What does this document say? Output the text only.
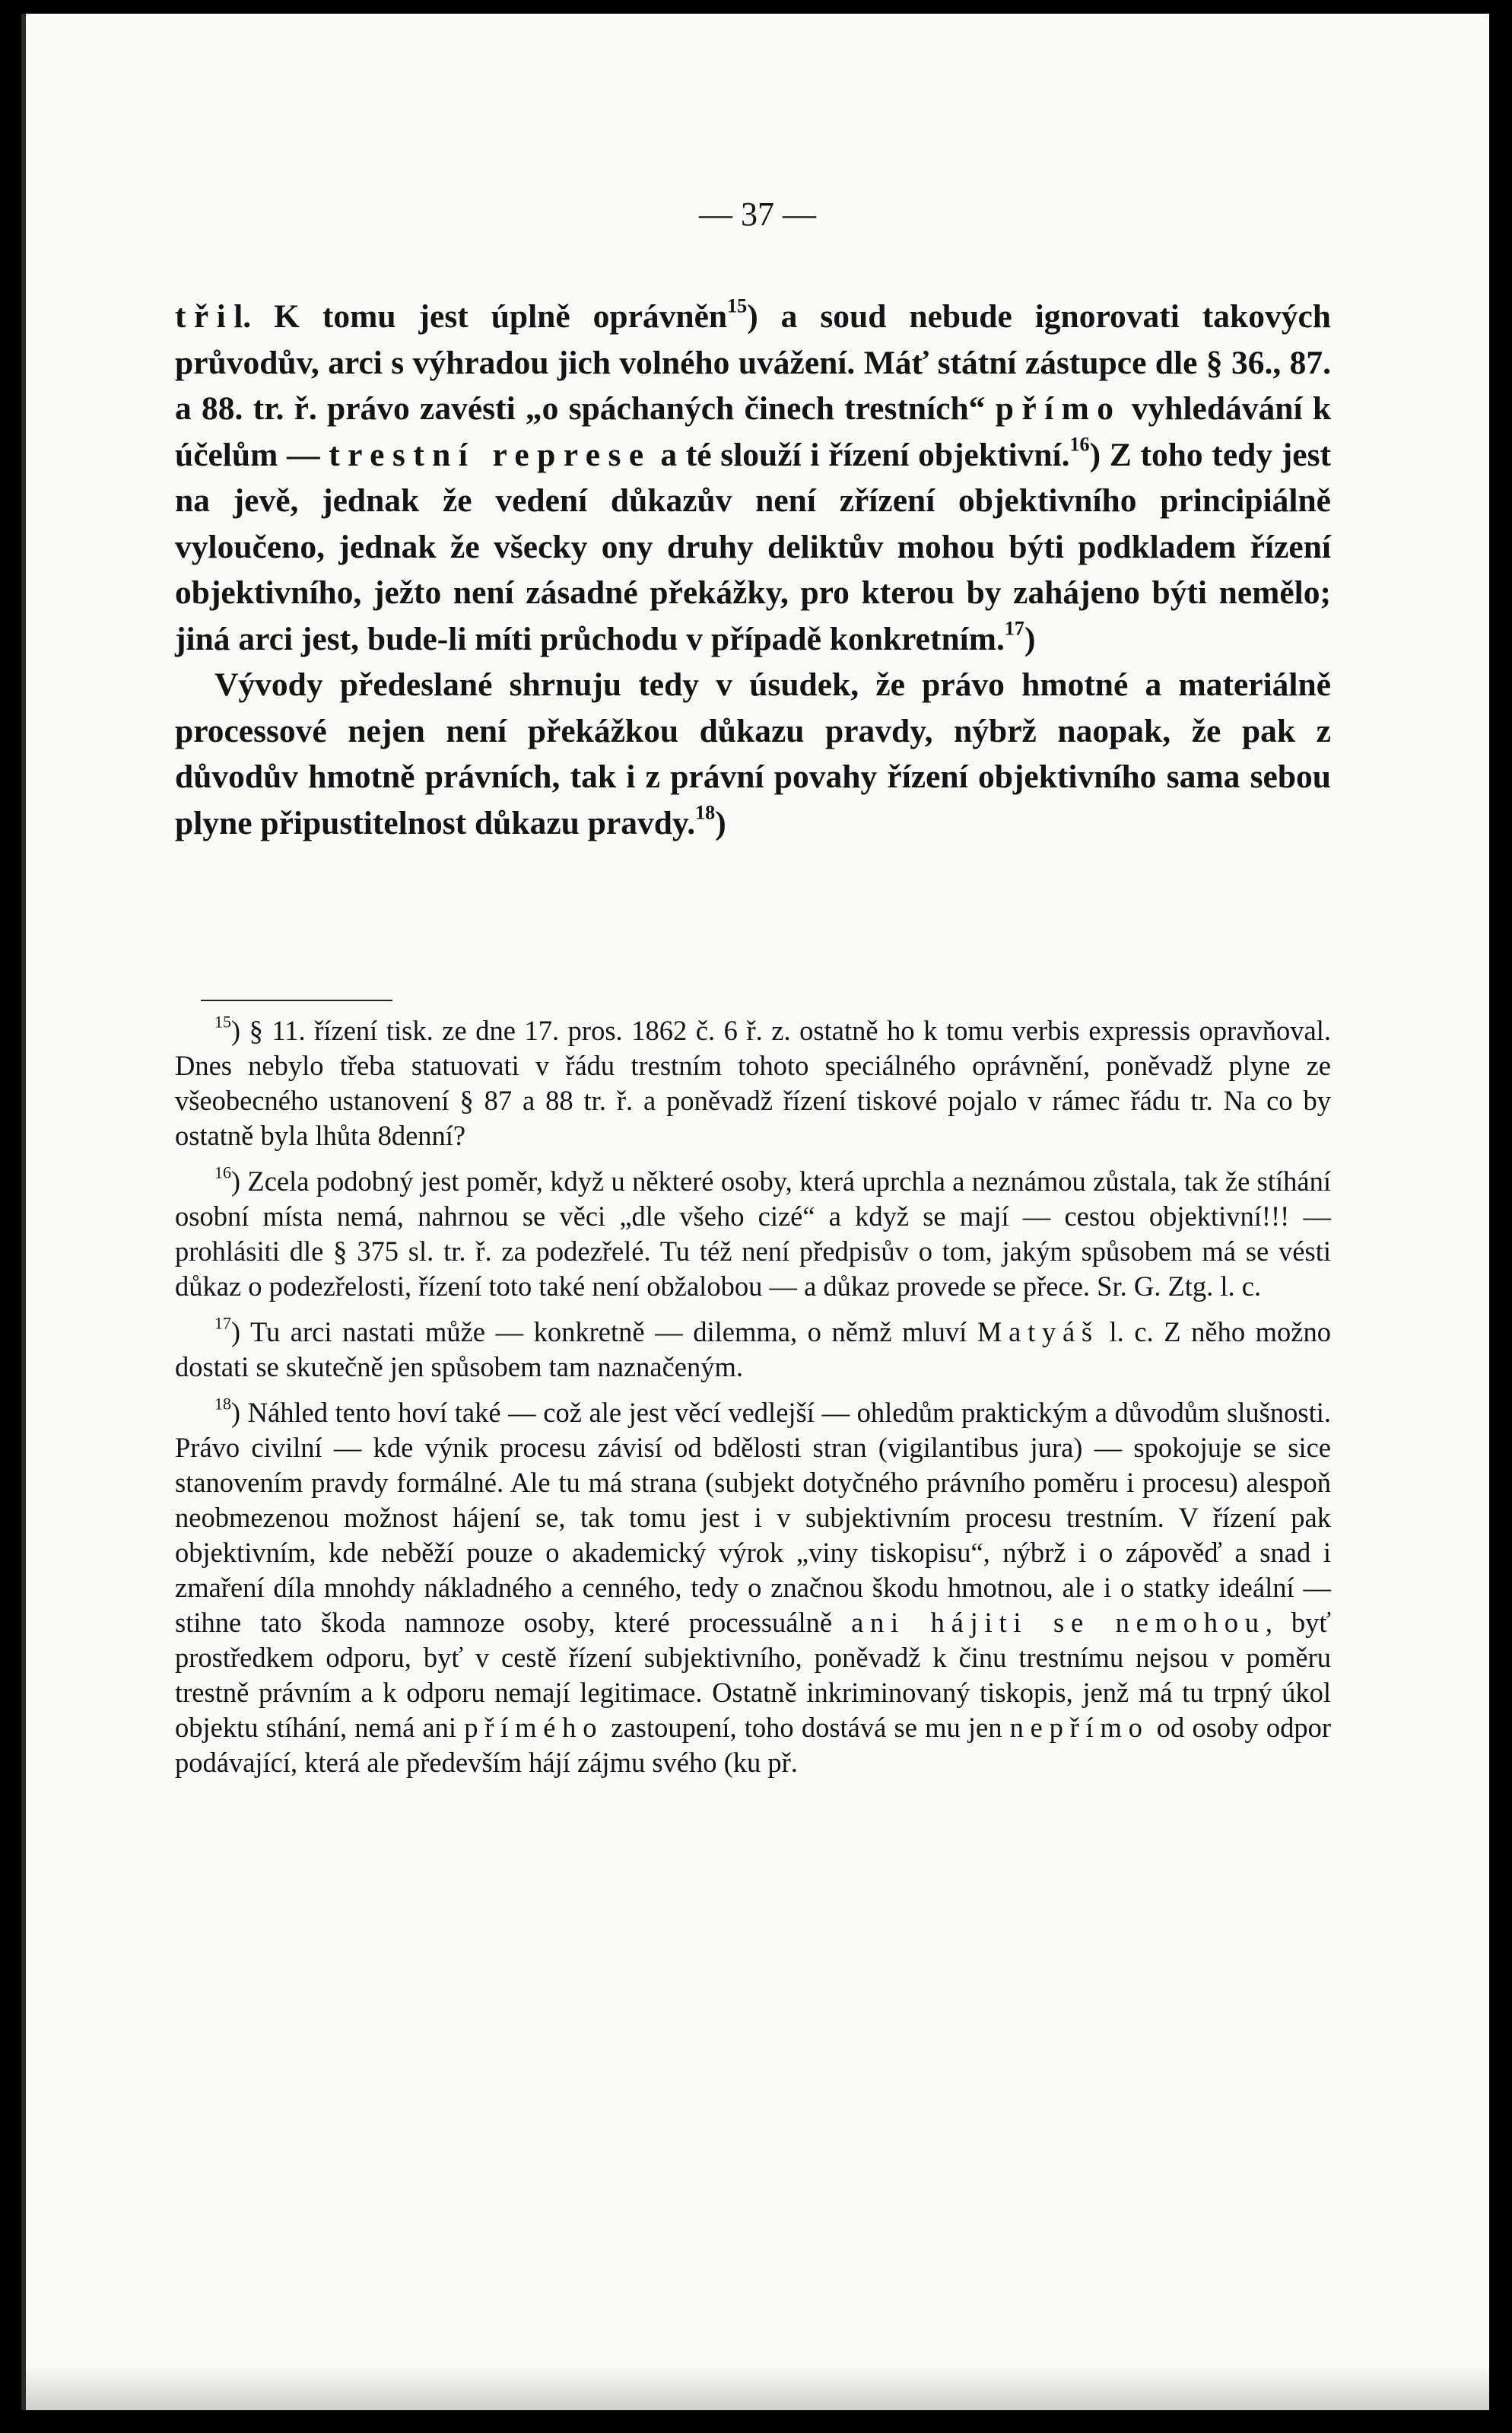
— 37 —

třil. K tomu jest úplně oprávněn$^{15}$) a soud nebude ignorovati takových průvodův, arci s výhradou jich volného uvážení. Máť státní zástupce dle § 36., 87. a 88. tr. ř. právo zavésti „o spáchaných činech trestních“ přímo vyhledávání k účelům — trestní represe a té slouží i řízení objektivní.$^{16}$) Z toho tedy jest na jevě, jednak že vedení důkazův není zřízení objektivního principiálně vyloučeno, jednak že všecky ony druhy deliktův mohou býti podkladem řízení objektivního, ježto není zásadné překážky, pro kterou by zahájeno býti nemělo; jiná arci jest, bude-li míti průchodu v případě konkretním.$^{17}$)

Vývody předeslané shrnuju tedy v úsudek, že právo hmotné a materiálně processové nejen není překážkou důkazu pravdy, nýbrž naopak, že pak z důvodův hmotně právních, tak i z právní povahy řízení objektivního sama sebou plyne připustitelnost důkazu pravdy.$^{18}$)

$^{15}$) § 11. řízení tisk. ze dne 17. pros. 1862 č. 6 ř. z. ostatně ho k tomu verbis expressis opravňoval. Dnes nebylo třeba statuovati v řádu trestním tohoto speciálného oprávnění, poněvadž plyne ze všeobecného ustanovení § 87 a 88 tr. ř. a poněvadž řízení tiskové pojalo v rámec řádu tr. Na co by ostatně byla lhůta 8denní?

$^{16}$) Zcela podobný jest poměr, když u některé osoby, která uprchla a neznámou zůstala, tak že stíhání osobní místa nemá, nahrnou se věci „dle všeho cizé“ a když se mají — cestou objektivní!!! — prohlásiti dle § 375 sl. tr. ř. za podezřelé. Tu též není předpisův o tom, jakým spůsobem má se vésti důkaz o podezřelosti, řízení toto také není obžalobou — a důkaz provede se přece. Sr. G. Ztg. l. c.

$^{17}$) Tu arci nastati může — konkretně — dilemma, o němž mluví Matyáš l. c. Z něho možno dostati se skutečně jen spůsobem tam naznačeným.

$^{18}$) Náhled tento hoví také — což ale jest věcí vedlejší — ohledům praktickým a důvodům slušnosti. Právo civilní — kde výnik procesu závisí od bdělosti stran (vigilantibus jura) — spokojuje se sice stanovením pravdy formálné. Ale tu má strana (subjekt dotyčného právního poměru i procesu) alespoň neobmezenou možnost hájení se, tak tomu jest i v subjektivním procesu trestním. V řízení pak objektivním, kde neběží pouze o akademický výrok „viny tiskopisu“, nýbrž i o zápověď a snad i zmaření díla mnohdy nákladného a cenného, tedy o značnou škodu hmotnou, ale i o statky ideální — stihne tato škoda namnoze osoby, které processuálně ani hájiti se nemohou, byť prostředkem odporu, byť v cestě řízení subjektivního, poněvadž k činu trestnímu nejsou v poměru trestně právním a k odporu nemají legitimace. Ostatně inkriminovaný tiskopis, jenž má tu trpný úkol objektu stíhání, nemá ani přímého zastoupení, toho dostává se mu jen nepřímo od osoby odpor podávající, která ale především hájí zájmu svého (ku př.
